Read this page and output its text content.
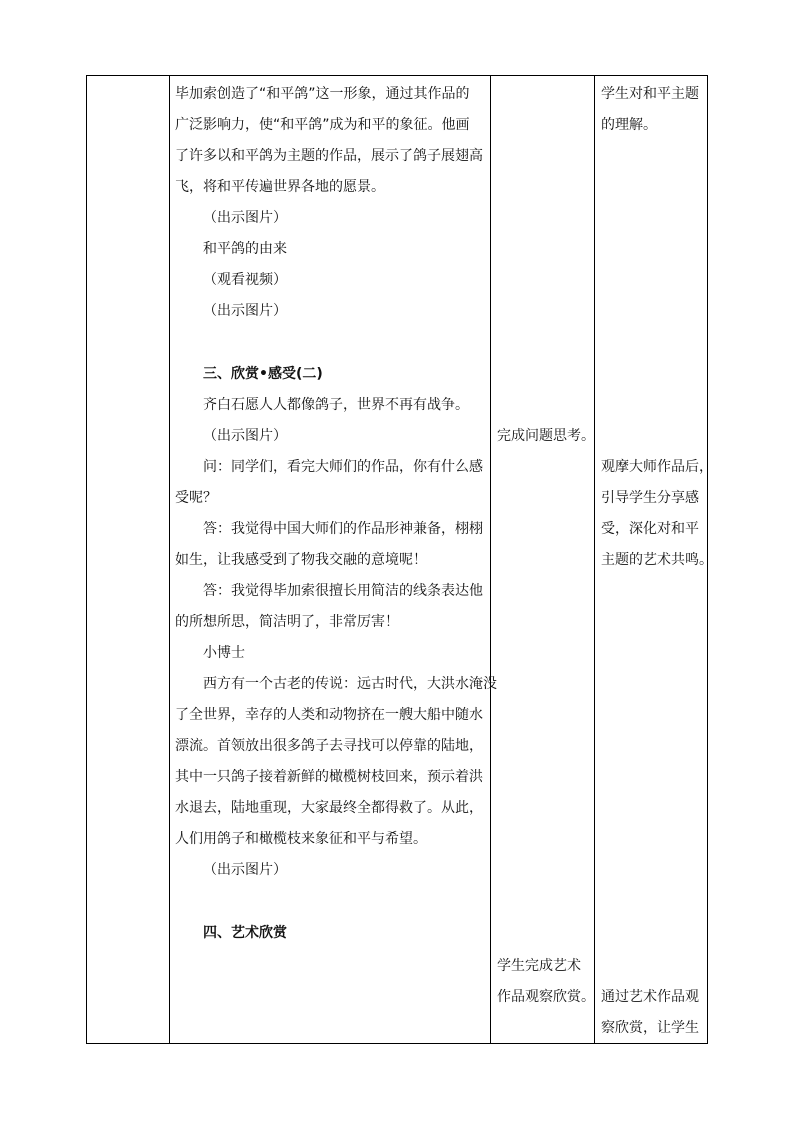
毕加索创造了“和平鸽”这一形象，通过其作品的
广泛影响力，使“和平鸽”成为和平的象征。他画
了许多以和平鸽为主题的作品，展示了鸽子展翅高
飞，将和平传遍世界各地的愿景。
（出示图片）
和平鸽的由来
（观看视频）
（出示图片）
三、欣赏•感受(二)
齐白石愿人人都像鸽子，世界不再有战争。
（出示图片）
问：同学们，看完大师们的作品，你有什么感
受呢？
答：我觉得中国大师们的作品形神兼备，栩栩
如生，让我感受到了物我交融的意境呢！
答：我觉得毕加索很擅长用简洁的线条表达他
的所想所思，简洁明了，非常厉害！
小博士
西方有一个古老的传说：远古时代，大洪水淹没
了全世界，幸存的人类和动物挤在一艘大船中随水
漂流。首领放出很多鸽子去寻找可以停靠的陆地，
其中一只鸽子接着新鲜的橄榄树枝回来，预示着洪
水退去，陆地重现，大家最终全都得救了。从此，
人们用鸽子和橄榄枝来象征和平与希望。
（出示图片）
四、艺术欣赏
完成问题思考。
学生完成艺术
作品观察欣赏。
学生对和平主题
的理解。
观摩大师作品后，
引导学生分享感
受，深化对和平
主题的艺术共鸣。
通过艺术作品观
察欣赏，让学生
